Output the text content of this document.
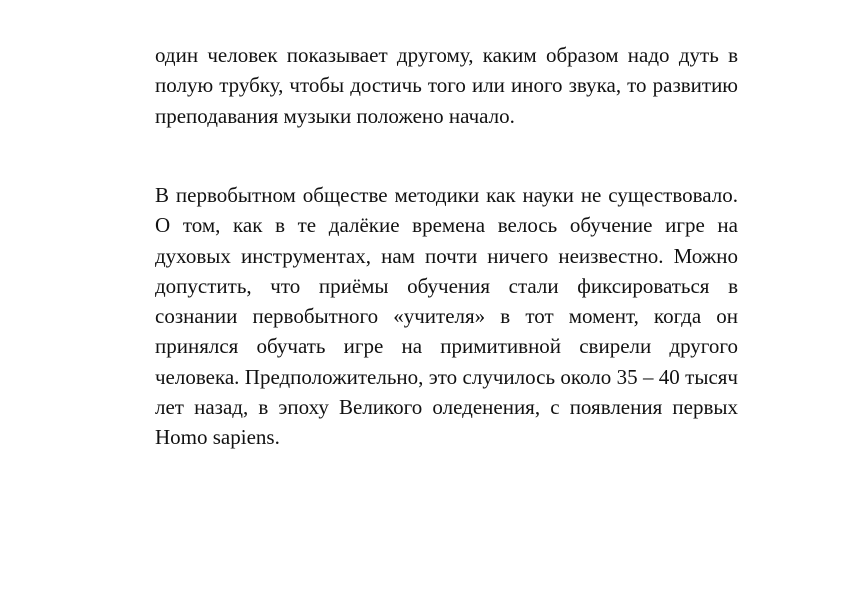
один человек показывает другому, каким образом надо дуть в полую трубку, чтобы достичь того или иного звука, то развитию преподавания музыки положено начало.

В первобытном обществе методики как науки не существовало. О том, как в те далёкие времена велось обучение игре на духовых инструментах, нам почти ничего неизвестно. Можно допустить, что приёмы обучения стали фиксироваться в сознании первобытного «учителя» в тот момент, когда он принялся обучать игре на примитивной свирели другого человека. Предположительно, это случилось около 35 – 40 тысяч лет назад, в эпоху Великого оледенения, с появления первых Homo sapiens.
